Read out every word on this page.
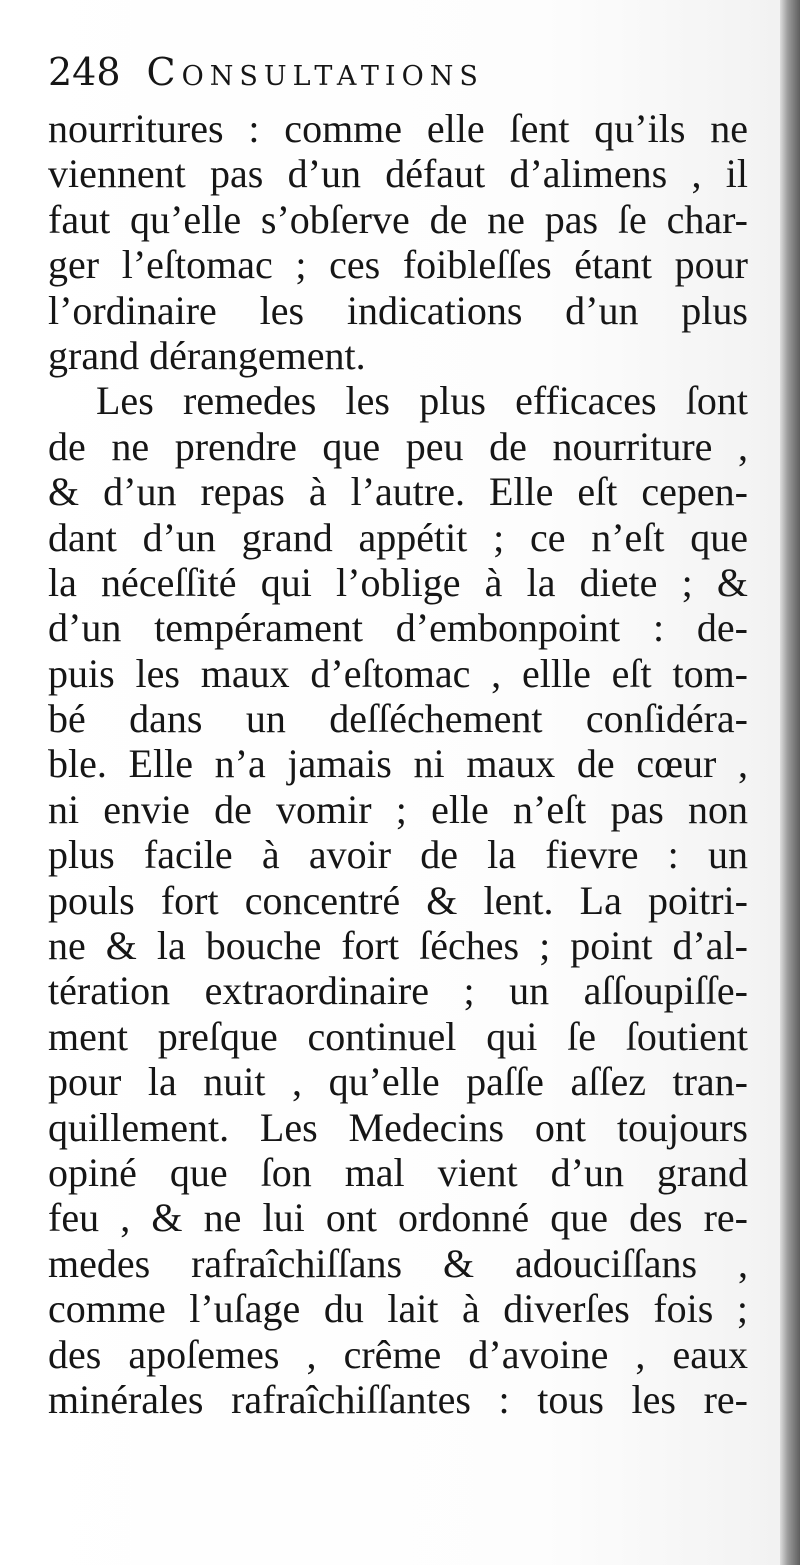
248 Consultations
nourritures : comme elle ſent qu’ils ne
viennent pas d’un défaut d’alimens , il
faut qu’elle s’obſerve de ne pas ſe char-
ger l’eſtomac ; ces foibleſſes étant pour
l’ordinaire les indications d’un plus
grand dérangement.
Les remedes les plus efficaces ſont
de ne prendre que peu de nourriture ,
& d’un repas à l’autre. Elle eſt cepen-
dant d’un grand appétit ; ce n’eſt que
la néceſſité qui l’oblige à la diete ; &
d’un tempérament d’embonpoint : de-
puis les maux d’eſtomac , ellle eſt tom-
bé dans un deſſéchement conſidéra-
ble. Elle n’a jamais ni maux de cœur ,
ni envie de vomir ; elle n’eſt pas non
plus facile à avoir de la fievre : un
pouls fort concentré & lent. La poitri-
ne & la bouche fort ſéches ; point d’al-
tération extraordinaire ; un aſſoupiſſe-
ment preſque continuel qui ſe ſoutient
pour la nuit , qu’elle paſſe aſſez tran-
quillement. Les Medecins ont toujours
opiné que ſon mal vient d’un grand
feu , & ne lui ont ordonné que des re-
medes rafraîchiſſans & adouciſſans ,
comme l’uſage du lait à diverſes fois ;
des apoſemes , crême d’avoine , eaux
minérales rafraîchiſſantes : tous les re-
